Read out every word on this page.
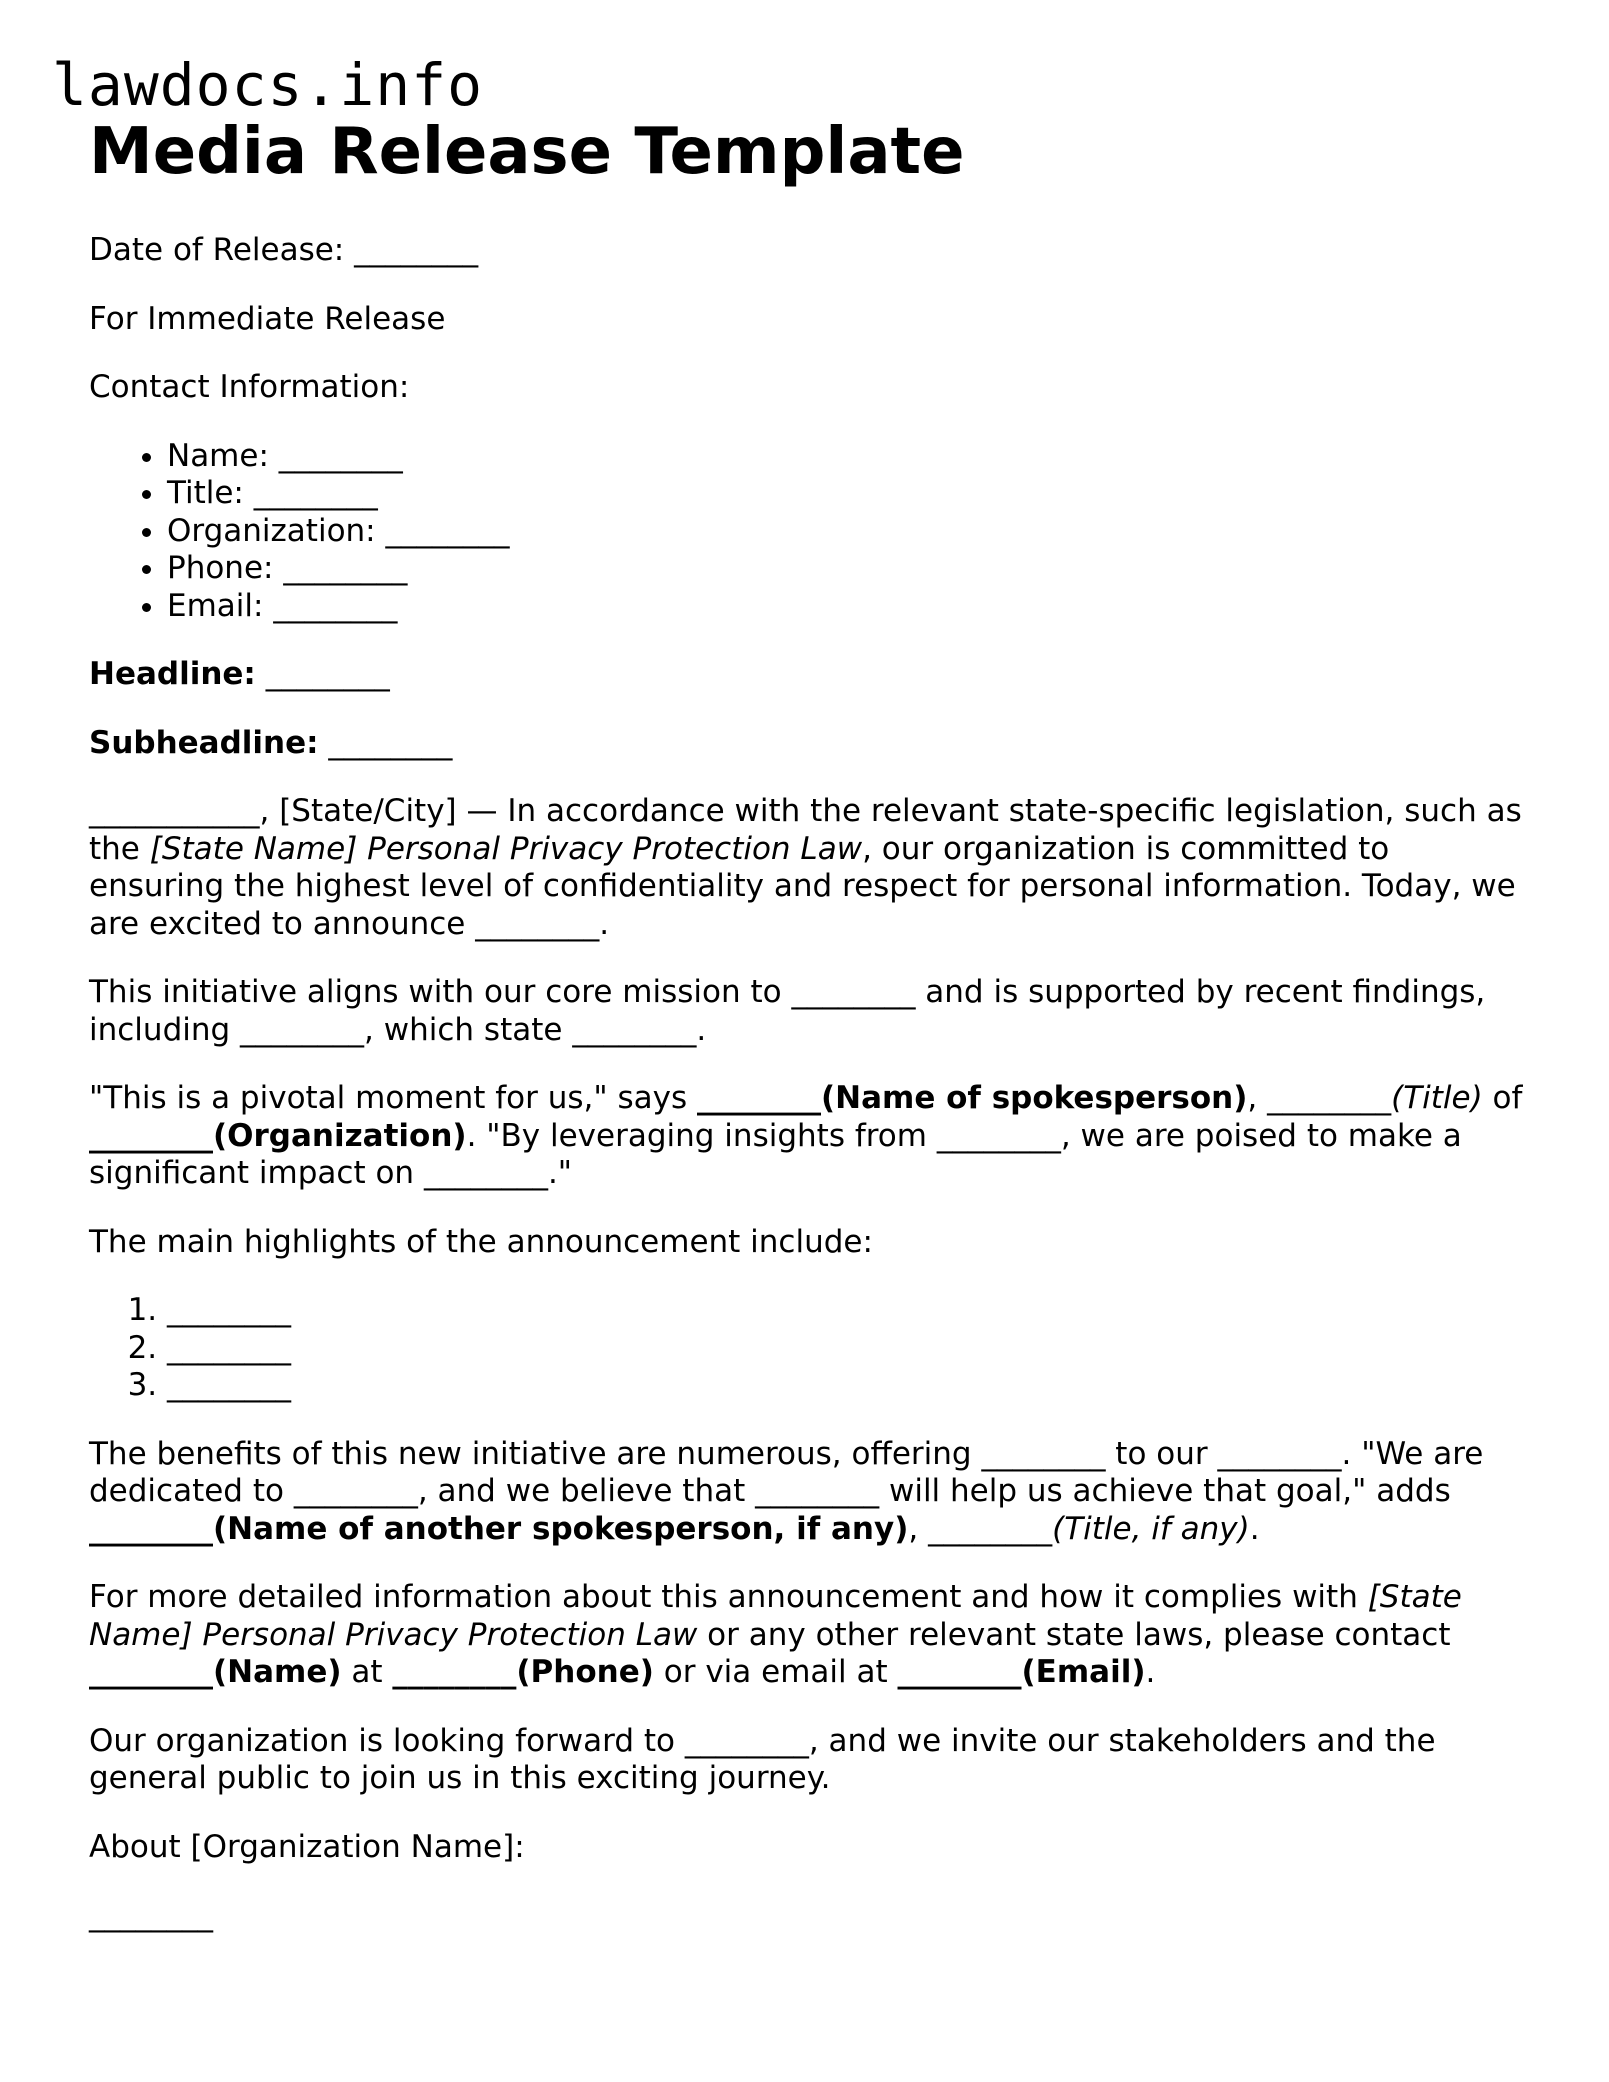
lawdocs.info
Media Release Template

Date of Release: ________

For Immediate Release

Contact Information:

• Name: ________
• Title: ________
• Organization: ________
• Phone: ________
• Email: ________

Headline: ________

Subheadline: ________

___________, [State/City] — In accordance with the relevant state-specific legislation, such as the [State Name] Personal Privacy Protection Law, our organization is committed to ensuring the highest level of confidentiality and respect for personal information. Today, we are excited to announce ________.

This initiative aligns with our core mission to ________ and is supported by recent findings, including ________, which state ________.

"This is a pivotal moment for us," says ________(Name of spokesperson), ________(Title) of ________(Organization). "By leveraging insights from ________, we are poised to make a significant impact on ________."

The main highlights of the announcement include:

1. ________
2. ________
3. ________

The benefits of this new initiative are numerous, offering ________ to our ________. "We are dedicated to ________, and we believe that ________ will help us achieve that goal," adds ________(Name of another spokesperson, if any), ________(Title, if any).

For more detailed information about this announcement and how it complies with [State Name] Personal Privacy Protection Law or any other relevant state laws, please contact ________(Name) at ________(Phone) or via email at ________(Email).

Our organization is looking forward to ________, and we invite our stakeholders and the general public to join us in this exciting journey.

About [Organization Name]:

________
